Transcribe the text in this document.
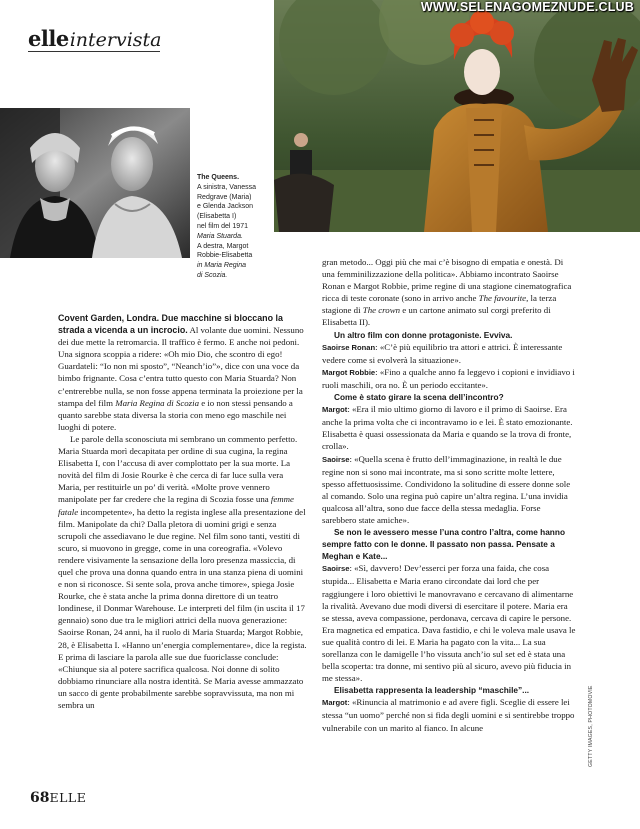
WWW.SELENAGOMEZNUDE.CLUB
elleintervista
The Queens.
A sinistra, Vanessa
Redgrave (Maria)
e Glenda Jackson
(Elisabetta I)
nel film del 1971
Maria Stuarda.
A destra, Margot
Robbie-Elisabetta
in Maria Regina
di Scozia.

Covent Garden, Londra. Due macchine si bloccano la strada a vicenda a un incrocio. Al volante due uomini. Nessuno dei due mette la retromarcia. Il traffico è fermo. E anche noi pedoni. Una signora scoppia a ridere: «Oh mio Dio, che scontro di ego! Guardateli: “Io non mi sposto”, “Neanch’io”», dice con una voce da bimbo frignante. Cosa c’entra tutto questo con Maria Stuarda? Non c’entrerebbe nulla, se non fosse appena terminata la proiezione per la stampa del film Maria Regina di Scozia e io non stessi pensando a quanto sarebbe stata diversa la storia con meno ego maschile nei luoghi di potere.

Le parole della sconosciuta mi sembrano un commento perfetto. Maria Stuarda morì decapitata per ordine di sua cugina, la regina Elisabetta I, con l’accusa di aver complottato per la sua morte. La novità del film di Josie Rourke è che cerca di far luce sulla vera Maria, per restituirle un po’ di verità. «Molte prove vennero manipolate per far credere che la regina di Scozia fosse una femme fatale incompetente», ha detto la regista inglese alla presentazione del film. Manipolate da chi? Dalla pletora di uomini grigi e senza scrupoli che assediavano le due regine. Nel film sono tanti, vestiti di scuro, si muovono in gregge, come in una coreografia. «Volevo rendere visivamente la sensazione della loro presenza massiccia, di quel che prova una donna quando entra in una stanza piena di uomini e non si riconosce. Si sente sola, prova anche timore», spiega Josie Rourke, che è stata anche la prima donna direttore di un teatro londinese, il Donmar Warehouse. Le interpreti del film (in uscita il 17 gennaio) sono due tra le migliori attrici della nuova generazione: Saoirse Ronan, 24 anni, ha il ruolo di Maria Stuarda; Margot Robbie, 28, è Elisabetta I. «Hanno un’energia complementare», dice la regista. E prima di lasciare la parola alle sue due fuoriclasse conclude: «Chiunque sia al potere sacrifica qualcosa. Noi donne di solito dobbiamo rinunciare alla nostra identità. Se Maria avesse ammazzato un sacco di gente probabilmente sarebbe sopravvissuta, ma non mi sembra un

gran metodo... Oggi più che mai c’è bisogno di empatia e onestà. Di una femminilizzazione della politica». Abbiamo incontrato Saoirse Ronan e Margot Robbie, prime regine di una stagione cinematografica ricca di teste coronate (sono in arrivo anche The favourite, la terza stagione di The crown e un cartone animato sul corgi preferito di Elisabetta II).

Un altro film con donne protagoniste. Evviva.

Saoirse Ronan: «C’è più equilibrio tra attori e attrici. È interessante vedere come si evolverà la situazione».

Margot Robbie: «Fino a qualche anno fa leggevo i copioni e invidiavo i ruoli maschili, ora no. È un periodo eccitante».

Come è stato girare la scena dell’incontro?

Margot: «Era il mio ultimo giorno di lavoro e il primo di Saoirse. Era anche la prima volta che ci incontravamo io e lei. È stato emozionante. Elisabetta è quasi ossessionata da Maria e quando se la trova di fronte, crolla».

Saoirse: «Quella scena è frutto dell’immaginazione, in realtà le due regine non si sono mai incontrate, ma si sono scritte molte lettere, spesso affettuosissime. Condividono la solitudine di essere donne sole al comando. Solo una regina può capire un’altra regina. L’una invidia qualcosa all’altra, sono due facce della stessa medaglia. Forse sarebbero state amiche».

Se non le avessero messe l’una contro l’altra, come hanno sempre fatto con le donne. Il passato non passa. Pensate a Meghan e Kate...

Saoirse: «Sì, davvero! Dev’esserci per forza una faida, che cosa stupida... Elisabetta e Maria erano circondate dai lord che per raggiungere i loro obiettivi le manovravano e cercavano di alimentarne la rivalità. Avevano due modi diversi di esercitare il potere. Maria era se stessa, aveva compassione, perdonava, cercava di capire le persone. Era magnetica ed empatica. Dava fastidio, e chi le voleva male usava le sue qualità contro di lei. E Maria ha pagato con la vita... La sua sorellanza con le damigelle l’ho vissuta anch’io sul set ed è stata una bella scoperta: tra donne, mi sentivo più al sicuro, avevo più fiducia in me stessa».

Elisabetta rappresenta la leadership “maschile”...

Margot: «Rinuncia al matrimonio e ad avere figli. Sceglie di essere lei stessa “un uomo” perché non si fida degli uomini e si sentirebbe troppo vulnerabile con un marito al fianco. In alcune	GETTY IMAGES, PHOTOMOVIE
68ELLE
